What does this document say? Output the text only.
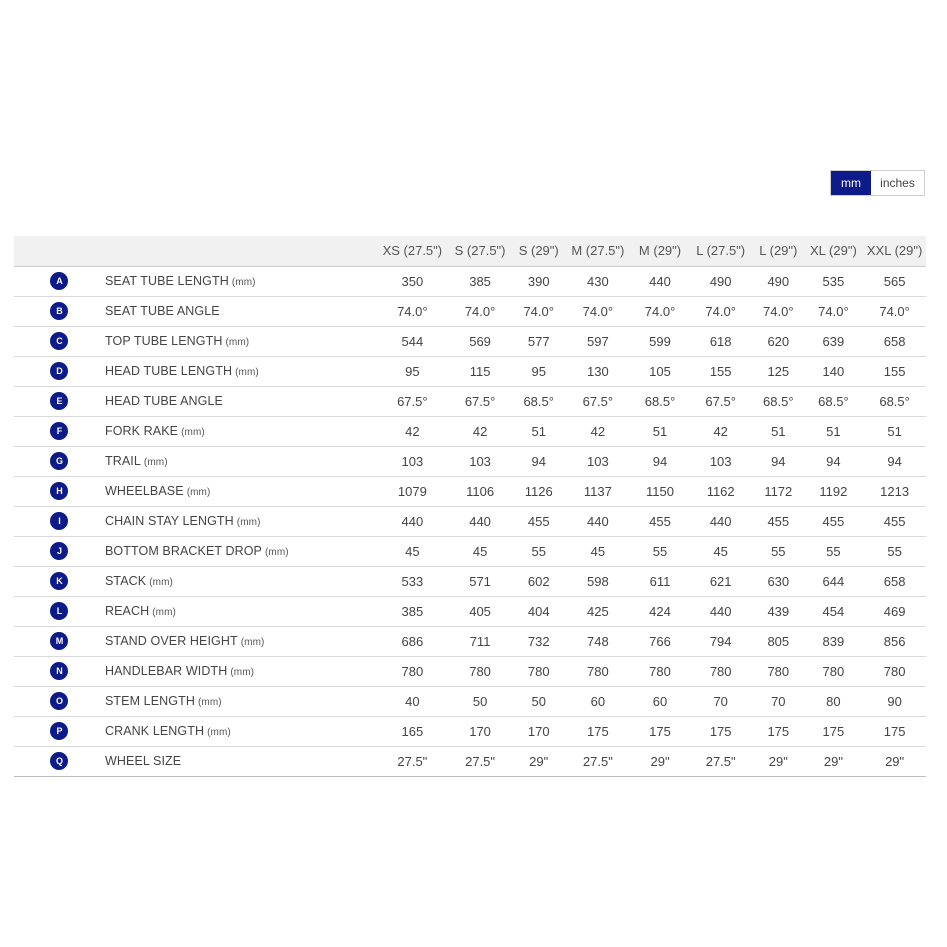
mm	inches
		XS (27.5")	S (27.5")	S (29")	M (27.5")	M (29")	L (27.5")	L (29")	XL (29")	XXL (29")
A	SEAT TUBE LENGTH (mm)	350	385	390	430	440	490	490	535	565
B	SEAT TUBE ANGLE	74.0°	74.0°	74.0°	74.0°	74.0°	74.0°	74.0°	74.0°	74.0°
C	TOP TUBE LENGTH (mm)	544	569	577	597	599	618	620	639	658
D	HEAD TUBE LENGTH (mm)	95	115	95	130	105	155	125	140	155
E	HEAD TUBE ANGLE	67.5°	67.5°	68.5°	67.5°	68.5°	67.5°	68.5°	68.5°	68.5°
F	FORK RAKE (mm)	42	42	51	42	51	42	51	51	51
G	TRAIL (mm)	103	103	94	103	94	103	94	94	94
H	WHEELBASE (mm)	1079	1106	1126	1137	1150	1162	1172	1192	1213
I	CHAIN STAY LENGTH (mm)	440	440	455	440	455	440	455	455	455
J	BOTTOM BRACKET DROP (mm)	45	45	55	45	55	45	55	55	55
K	STACK (mm)	533	571	602	598	611	621	630	644	658
L	REACH (mm)	385	405	404	425	424	440	439	454	469
M	STAND OVER HEIGHT (mm)	686	711	732	748	766	794	805	839	856
N	HANDLEBAR WIDTH (mm)	780	780	780	780	780	780	780	780	780
O	STEM LENGTH (mm)	40	50	50	60	60	70	70	80	90
P	CRANK LENGTH (mm)	165	170	170	175	175	175	175	175	175
Q	WHEEL SIZE	27.5"	27.5"	29"	27.5"	29"	27.5"	29"	29"	29"
